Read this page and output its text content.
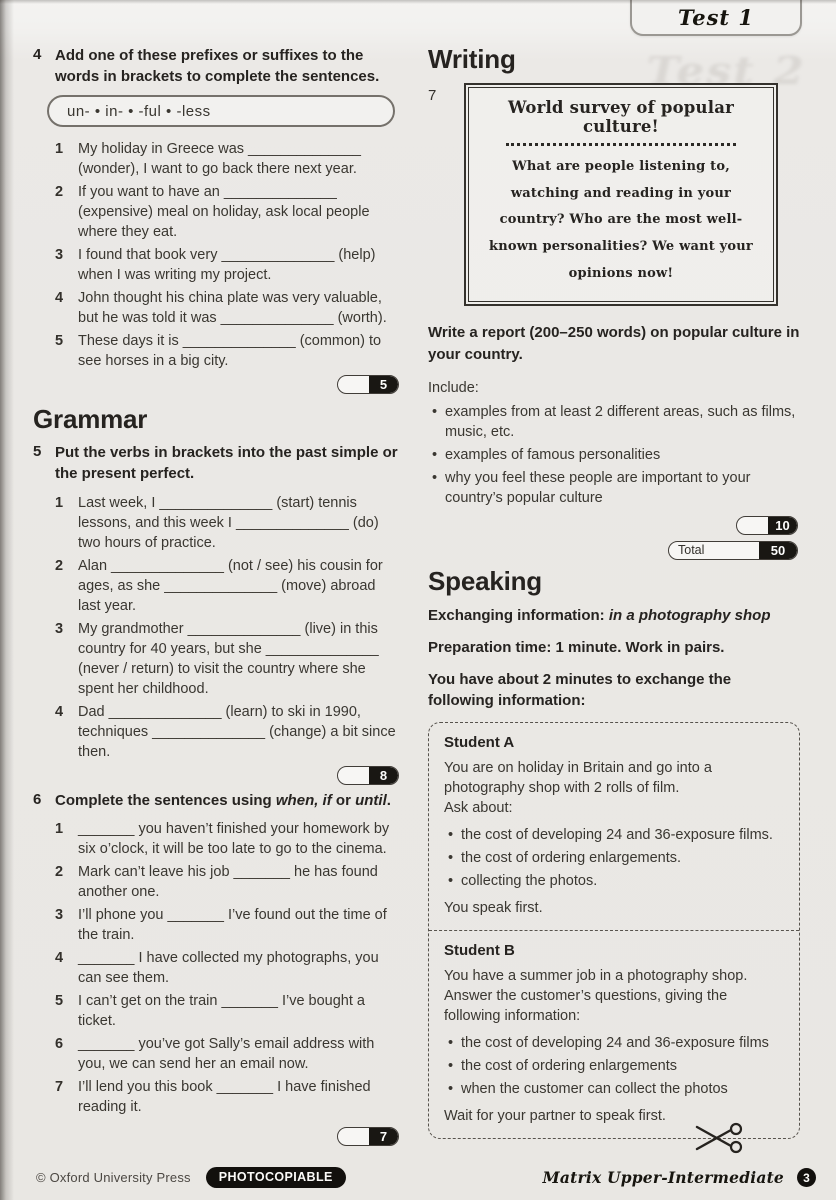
Test 1
Test 2
4 Add one of these prefixes or suffixes to the words in brackets to complete the sentences.
un- • in- • -ful • -less
1	My holiday in Greece was ______________ (wonder), I want to go back there next year.
2	If you want to have an ______________ (expensive) meal on holiday, ask local people where they eat.
3	I found that book very ______________ (help) when I was writing my project.
4	John thought his china plate was very valuable, but he was told it was ______________ (worth).
5	These days it is ______________ (common) to see horses in a big city.
5
Grammar
5 Put the verbs in brackets into the past simple or the present perfect.
1	Last week, I ______________ (start) tennis lessons, and this week I ______________ (do) two hours of practice.
2	Alan ______________ (not / see) his cousin for ages, as she ______________ (move) abroad last year.
3	My grandmother ______________ (live) in this country for 40 years, but she ______________ (never / return) to visit the country where she spent her childhood.
4	Dad ______________ (learn) to ski in 1990, techniques ______________ (change) a bit since then.
8
6 Complete the sentences using when, if or until.
1	_______ you haven’t finished your homework by six o’clock, it will be too late to go to the cinema.
2	Mark can’t leave his job _______ he has found another one.
3	I’ll phone you _______ I’ve found out the time of the train.
4	_______ I have collected my photographs, you can see them.
5	I can’t get on the train _______ I’ve bought a ticket.
6	_______ you’ve got Sally’s email address with you, we can send her an email now.
7	I’ll lend you this book _______ I have finished reading it.
7
Writing
7
World survey of popular culture!
What are people listening to, watching and reading in your country? Who are the most well-known personalities? We want your opinions now!

Write a report (200–250 words) on popular culture in your country.

Include:

• examples from at least 2 different areas, such as films, music, etc.
• examples of famous personalities
• why you feel these people are important to your country’s popular culture
10
Total	50
Speaking

Exchanging information: in a photography shop

Preparation time: 1 minute. Work in pairs.

You have about 2 minutes to exchange the following information:

Student A
You are on holiday in Britain and go into a photography shop with 2 rolls of film.
Ask about:
• the cost of developing 24 and 36-exposure films.
• the cost of ordering enlargements.
• collecting the photos.
You speak first.
Student B
You have a summer job in a photography shop. Answer the customer’s questions, giving the following information:
• the cost of developing 24 and 36-exposure films
• the cost of ordering enlargements
• when the customer can collect the photos
Wait for your partner to speak first.
© Oxford University Press	PHOTOCOPIABLE	Matrix Upper-Intermediate	3
